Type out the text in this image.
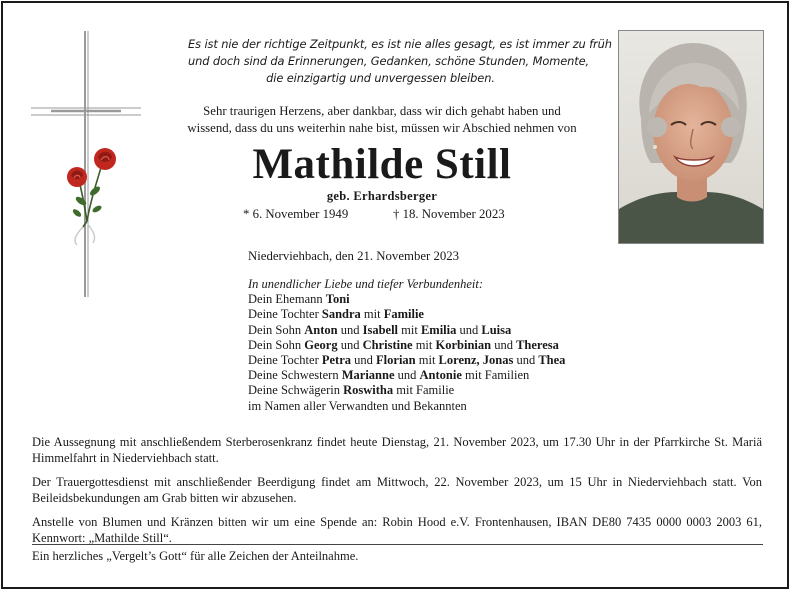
Es ist nie der richtige Zeitpunkt, es ist nie alles gesagt, es ist immer zu früh
und doch sind da Erinnerungen, Gedanken, schöne Stunden, Momente,
die einzigartig und unvergessen bleiben.
Sehr traurigen Herzens, aber dankbar, dass wir dich gehabt haben und
wissend, dass du uns weiterhin nahe bist, müssen wir Abschied nehmen von
Mathilde Still
geb. Erhardsberger
* 6. November 1949	† 18. November 2023
Niederviehbach, den 21. November 2023
In unendlicher Liebe und tiefer Verbundenheit:
Dein Ehemann Toni
Deine Tochter Sandra mit Familie
Dein Sohn Anton und Isabell mit Emilia und Luisa
Dein Sohn Georg und Christine mit Korbinian und Theresa
Deine Tochter Petra und Florian mit Lorenz, Jonas und Thea
Deine Schwestern Marianne und Antonie mit Familien
Deine Schwägerin Roswitha mit Familie
im Namen aller Verwandten und Bekannten

Die Aussegnung mit anschließendem Sterberosenkranz findet heute Dienstag, 21. November 2023, um 17.30 Uhr in der Pfarrkirche St. Mariä Himmelfahrt in Niederviehbach statt.

Der Trauergottesdienst mit anschließender Beerdigung findet am Mittwoch, 22. November 2023, um 15 Uhr in Niederviehbach statt. Von Beileidsbekundungen am Grab bitten wir abzusehen.

Anstelle von Blumen und Kränzen bitten wir um eine Spende an: Robin Hood e.V. Frontenhausen, IBAN DE80 7435 0000 0003 2003 61, Kennwort: „Mathilde Still“.

Ein herzliches „Vergelt’s Gott“ für alle Zeichen der Anteilnahme.
